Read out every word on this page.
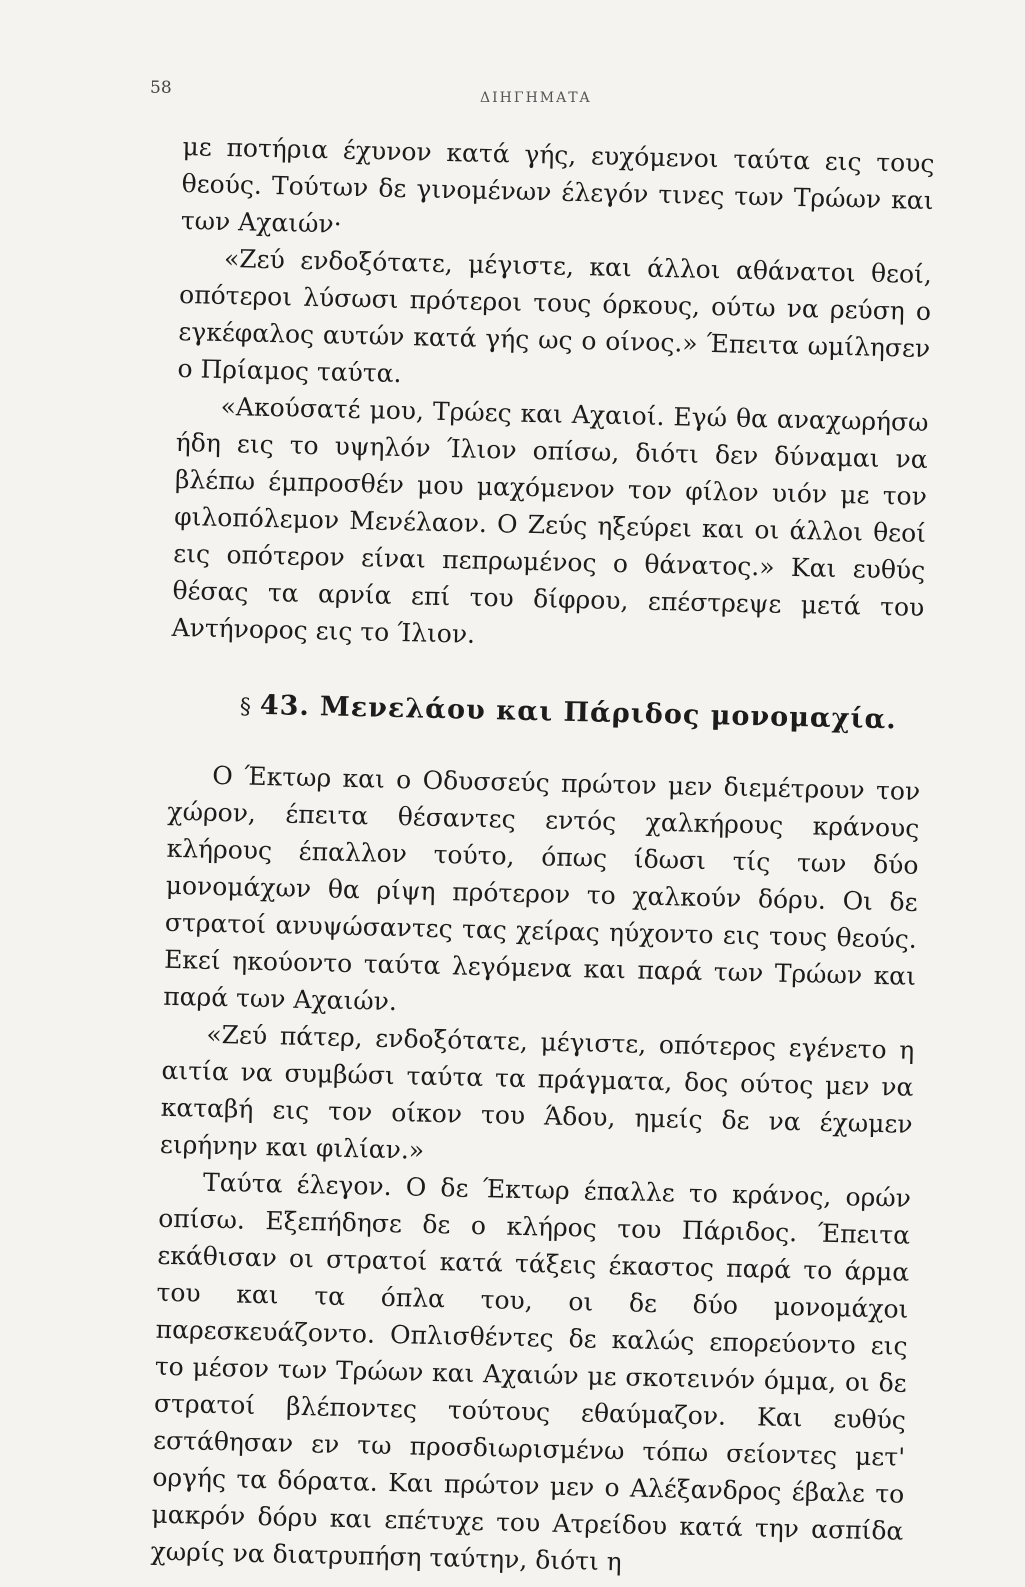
58	ΔΙΗΓΗΜΑΤΑ

με ποτήρια έχυνον κατά γής, ευχόμενοι ταύτα εις τους θεούς. Τούτων δε γινομένων έλεγόν τινες των Τρώων και των Αχαιών·

«Ζεύ ενδοξότατε, μέγιστε, και άλλοι αθάνατοι θεοί, οπότεροι λύσωσι πρότεροι τους όρκους, ούτω να ρεύση ο εγκέφαλος αυτών κατά γής ως ο οίνος.» Έπειτα ωμίλησεν ο Πρίαμος ταύτα.

«Ακούσατέ μου, Τρώες και Αχαιοί. Εγώ θα αναχωρήσω ήδη εις το υψηλόν Ίλιον οπίσω, διότι δεν δύναμαι να βλέπω έμπροσθέν μου μαχόμενον τον φίλον υιόν με τον φιλοπόλεμον Μενέλαον. Ο Ζεύς ηξεύρει και οι άλλοι θεοί εις οπότερον είναι πεπρωμένος ο θάνατος.» Και ευθύς θέσας τα αρνία επί του δίφρου, επέστρεψε μετά του Αντήνορος εις το Ίλιον.

§ 43. Μενελάου και Πάριδος μονομαχία.

Ο Έκτωρ και ο Οδυσσεύς πρώτον μεν διεμέτρουν τον χώρον, έπειτα θέσαντες εντός χαλκήρους κράνους κλήρους έπαλλον τούτο, όπως ίδωσι τίς των δύο μονομάχων θα ρίψη πρότερον το χαλκούν δόρυ. Οι δε στρατοί ανυψώσαντες τας χείρας ηύχοντο εις τους θεούς. Εκεί ηκούοντο ταύτα λεγόμενα και παρά των Τρώων και παρά των Αχαιών.

«Ζεύ πάτερ, ενδοξότατε, μέγιστε, οπότερος εγένετο η αιτία να συμβώσι ταύτα τα πράγματα, δος ούτος μεν να καταβή εις τον οίκον του Άδου, ημείς δε να έχωμεν ειρήνην και φιλίαν.»

Ταύτα έλεγον. Ο δε Έκτωρ έπαλλε το κράνος, ορών οπίσω. Εξεπήδησε δε ο κλήρος του Πάριδος. Έπειτα εκάθισαν οι στρατοί κατά τάξεις έκαστος παρά το άρμα του και τα όπλα του, οι δε δύο μονομάχοι παρεσκευάζοντο. Οπλισθέντες δε καλώς επορεύοντο εις το μέσον των Τρώων και Αχαιών με σκοτεινόν όμμα, οι δε στρατοί βλέποντες τούτους εθαύμαζον. Και ευθύς εστάθησαν εν τω προσδιωρισμένω τόπω σείοντες μετ' οργής τα δόρατα. Και πρώτον μεν ο Αλέξανδρος έβαλε το μακρόν δόρυ και επέτυχε του Ατρείδου κατά την ασπίδα χωρίς να διατρυπήση ταύτην, διότι η
